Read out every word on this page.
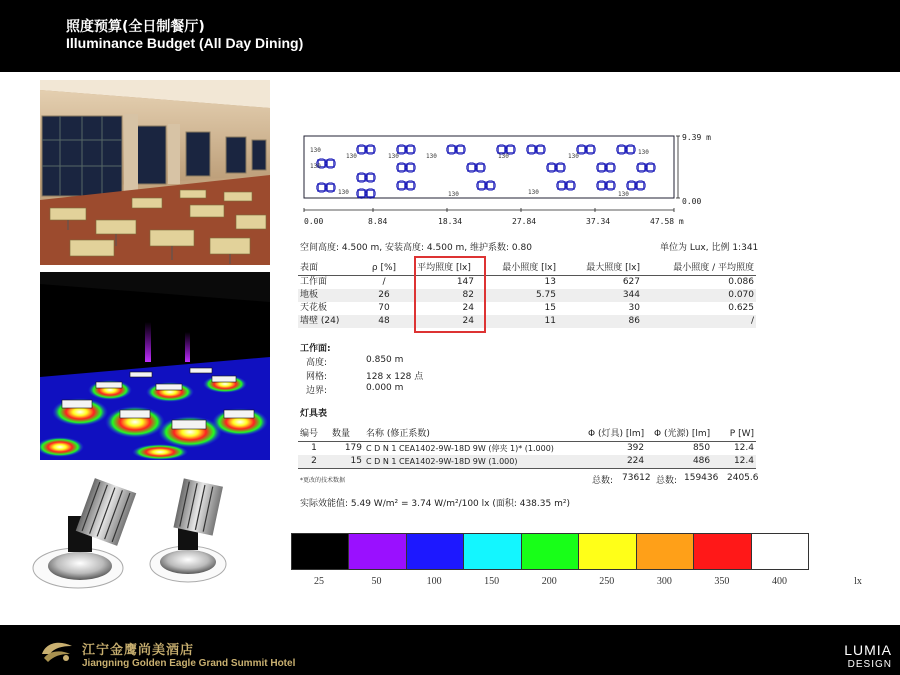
照度预算(全日制餐厅)
Illuminance Budget (All Day Dining)
130
130
130	130	130
130	130
130	130
130
130	130
0.00	8.84	18.34	27.84	37.34	47.58 m
9.39 m
0.00
空间高度: 4.500 m, 安装高度: 4.500 m, 维护系数: 0.80	单位为 Lux, 比例 1:341
表面	ρ [%]	平均照度 [lx]	最小照度 [lx]	最大照度 [lx]	最小照度 / 平均照度
工作面	/	147	13	627	0.086
地板	26	82	5.75	344	0.070
天花板	70	24	15	30	0.625
墙壁 (24)	48	24	11	86	/
工作面:
高度:	0.850 m
网格:	128 x 128 点
边界:	0.000 m
灯具表
编号	数量	名称 (修正系数)	Φ (灯具) [lm]	Φ (光源) [lm]	P [W]
1	179	C D N 1 CEA1402-9W-18D 9W (停夹 1)* (1.000)	392	850	12.4
2	15	C D N 1 CEA1402-9W-18D 9W (1.000)	224	486	12.4
*更改的技术数据	总数: 73612 总数: 159436 2405.6
实际效能值: 5.49 W/m² = 3.74 W/m²/100 lx (面积: 438.35 m²)
25	50	100	150	200	250	300	350	400	lx
江宁金鹰尚美酒店
Jiangning Golden Eagle Grand Summit Hotel
LUMIA
DESIGN
